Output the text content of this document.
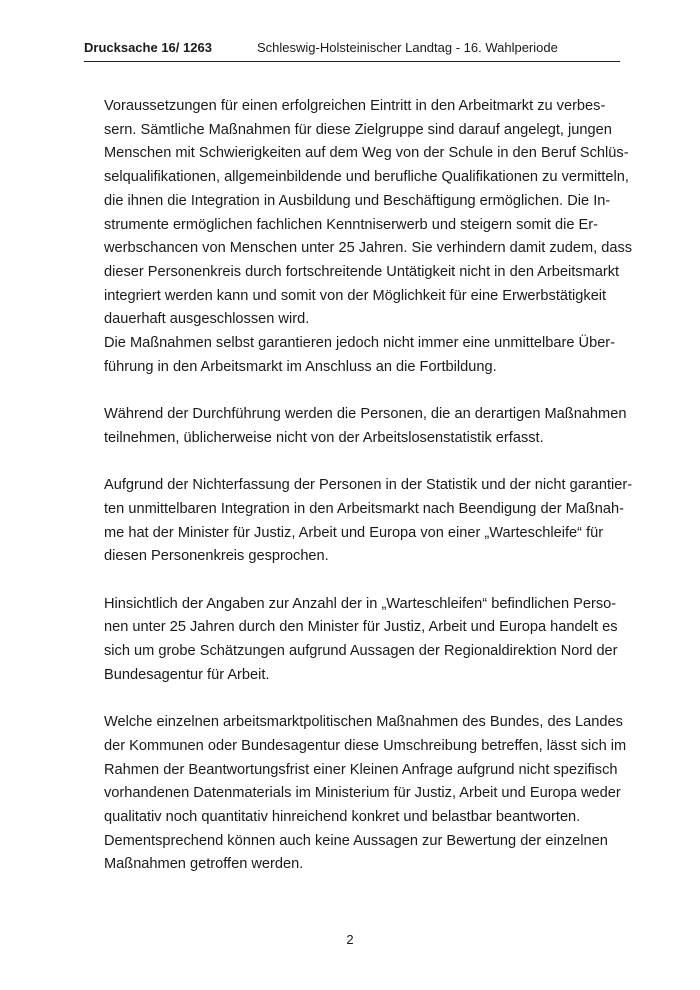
Drucksache 16/ 1263	Schleswig-Holsteinischer Landtag - 16. Wahlperiode

Voraussetzungen für einen erfolgreichen Eintritt in den Arbeitmarkt zu verbes-
sern. Sämtliche Maßnahmen für diese Zielgruppe sind darauf angelegt, jungen
Menschen mit Schwierigkeiten auf dem Weg von der Schule in den Beruf Schlüs-
selqualifikationen, allgemeinbildende und berufliche Qualifikationen zu vermitteln,
die ihnen die Integration in Ausbildung und Beschäftigung ermöglichen. Die In-
strumente ermöglichen fachlichen Kenntniserwerb und steigern somit die Er-
werbschancen von Menschen unter 25 Jahren. Sie verhindern damit zudem, dass
dieser Personenkreis durch fortschreitende Untätigkeit nicht in den Arbeitsmarkt
integriert werden kann und somit von der Möglichkeit für eine Erwerbstätigkeit
dauerhaft ausgeschlossen wird.

Die Maßnahmen selbst garantieren jedoch nicht immer eine unmittelbare Über-
führung in den Arbeitsmarkt im Anschluss an die Fortbildung.

Während der Durchführung werden die Personen, die an derartigen Maßnahmen
teilnehmen, üblicherweise nicht von der Arbeitslosenstatistik erfasst.

Aufgrund der Nichterfassung der Personen in der Statistik und der nicht garantier-
ten unmittelbaren Integration in den Arbeitsmarkt nach Beendigung der Maßnah-
me hat der Minister für Justiz, Arbeit und Europa von einer „Warteschleife“ für
diesen Personenkreis gesprochen.

Hinsichtlich der Angaben zur Anzahl der in „Warteschleifen“ befindlichen Perso-
nen unter 25 Jahren durch den Minister für Justiz, Arbeit und Europa handelt es
sich um grobe Schätzungen aufgrund Aussagen der Regionaldirektion Nord der
Bundesagentur für Arbeit.

Welche einzelnen arbeitsmarktpolitischen Maßnahmen des Bundes, des Landes
der Kommunen oder Bundesagentur diese Umschreibung betreffen, lässt sich im
Rahmen der Beantwortungsfrist einer Kleinen Anfrage aufgrund nicht spezifisch
vorhandenen Datenmaterials im Ministerium für Justiz, Arbeit und Europa weder
qualitativ noch quantitativ hinreichend konkret und belastbar beantworten.
Dementsprechend können auch keine Aussagen zur Bewertung der einzelnen
Maßnahmen getroffen werden.

2
